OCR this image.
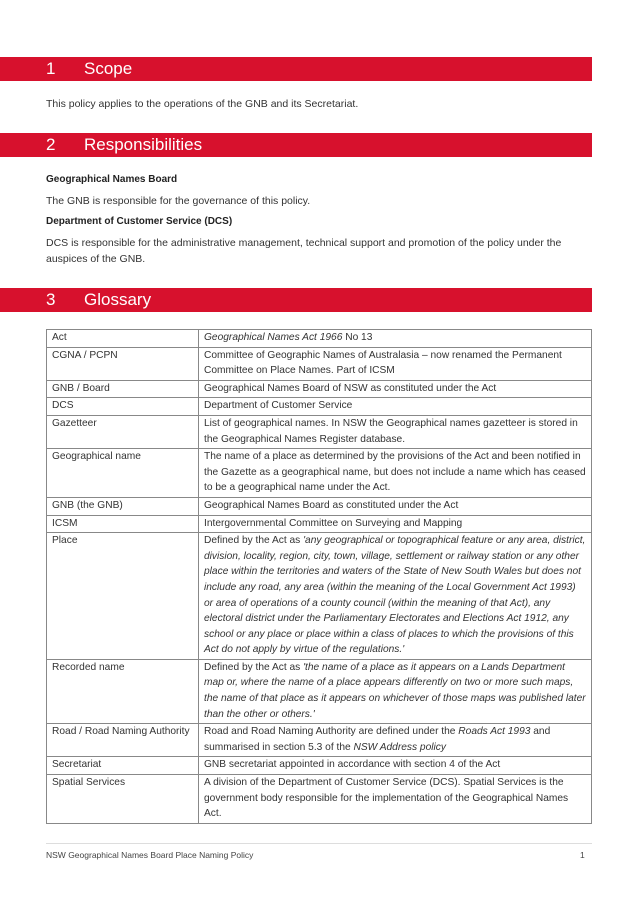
1 Scope

This policy applies to the operations of the GNB and its Secretariat.

2 Responsibilities

Geographical Names Board

The GNB is responsible for the governance of this policy.

Department of Customer Service (DCS)

DCS is responsible for the administrative management, technical support and promotion of the policy under the auspices of the GNB.

3 Glossary
Act	Geographical Names Act 1966 No 13
CGNA / PCPN	Committee of Geographic Names of Australasia – now renamed the Permanent Committee on Place Names. Part of ICSM
GNB / Board	Geographical Names Board of NSW as constituted under the Act
DCS	Department of Customer Service
Gazetteer	List of geographical names. In NSW the Geographical names gazetteer is stored in the Geographical Names Register database.
Geographical name	The name of a place as determined by the provisions of the Act and been notified in the Gazette as a geographical name, but does not include a name which has ceased to be a geographical name under the Act.
GNB (the GNB)	Geographical Names Board as constituted under the Act
ICSM	Intergovernmental Committee on Surveying and Mapping
Place	Defined by the Act as 'any geographical or topographical feature or any area, district, division, locality, region, city, town, village, settlement or railway station or any other place within the territories and waters of the State of New South Wales but does not include any road, any area (within the meaning of the Local Government Act 1993) or area of operations of a county council (within the meaning of that Act), any electoral district under the Parliamentary Electorates and Elections Act 1912, any school or any place or place within a class of places to which the provisions of this Act do not apply by virtue of the regulations.'
Recorded name	Defined by the Act as 'the name of a place as it appears on a Lands Department map or, where the name of a place appears differently on two or more such maps, the name of that place as it appears on whichever of those maps was published later than the other or others.'
Road / Road Naming Authority	Road and Road Naming Authority are defined under the Roads Act 1993 and summarised in section 5.3 of the NSW Address policy
Secretariat	GNB secretariat appointed in accordance with section 4 of the Act
Spatial Services	A division of the Department of Customer Service (DCS). Spatial Services is the government body responsible for the implementation of the Geographical Names Act.
NSW Geographical Names Board Place Naming Policy	1
